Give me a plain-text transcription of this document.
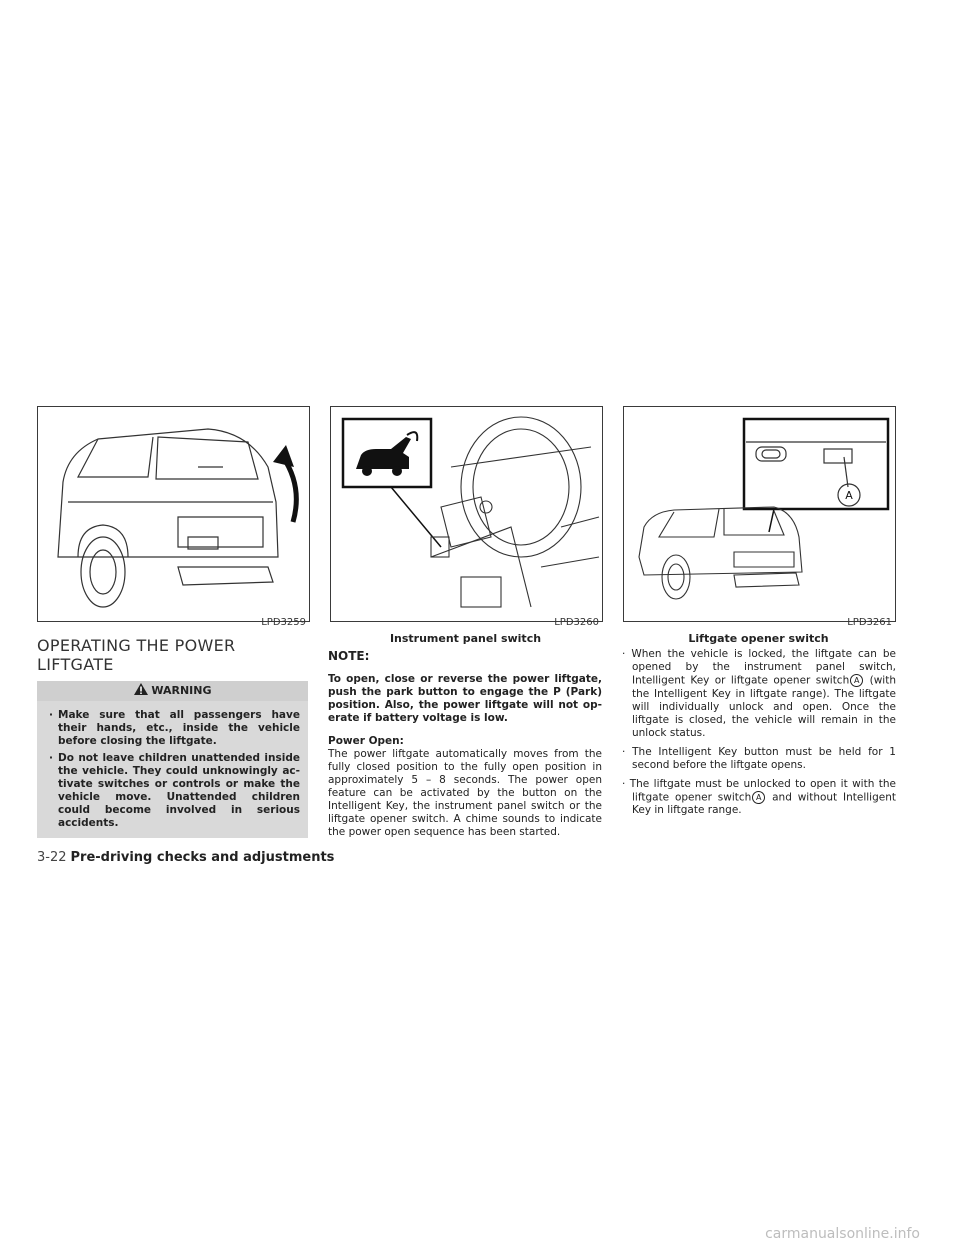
LPD3259	LPD3260
Instrument panel switch
A
LPD3261
Liftgate opener switch
OPERATING THE POWER
LIFTGATE
WARNING
· Make sure that all passengers have their hands, etc., inside the vehicle before closing the liftgate.
· Do not leave children unattended inside the vehicle. They could unknowingly ac-tivate switches or controls or make the vehicle move. Unattended children could become involved in serious accidents.
NOTE:

To open, close or reverse the power liftgate, push the park button to engage the P (Park) position. Also, the power liftgate will not op-erate if battery voltage is low.

Power Open:

The power liftgate automatically moves from the fully closed position to the fully open position in approximately 5 – 8 seconds. The power open feature can be activated by the button on the Intelligent Key, the instrument panel switch or the liftgate opener switch. A chime sounds to indicate the power open sequence has been started.

· When the vehicle is locked, the liftgate can be opened by the instrument panel switch, Intelligent Key or liftgate opener switch A (with the Intelligent Key in liftgate range). The liftgate will individually unlock and open. Once the liftgate is closed, the vehicle will remain in the unlock status.
· The Intelligent Key button must be held for 1 second before the liftgate opens.
· The liftgate must be unlocked to open it with the liftgate opener switch A and without Intelligent Key in liftgate range.
3-22 Pre-driving checks and adjustments
carmanualsonline.info
